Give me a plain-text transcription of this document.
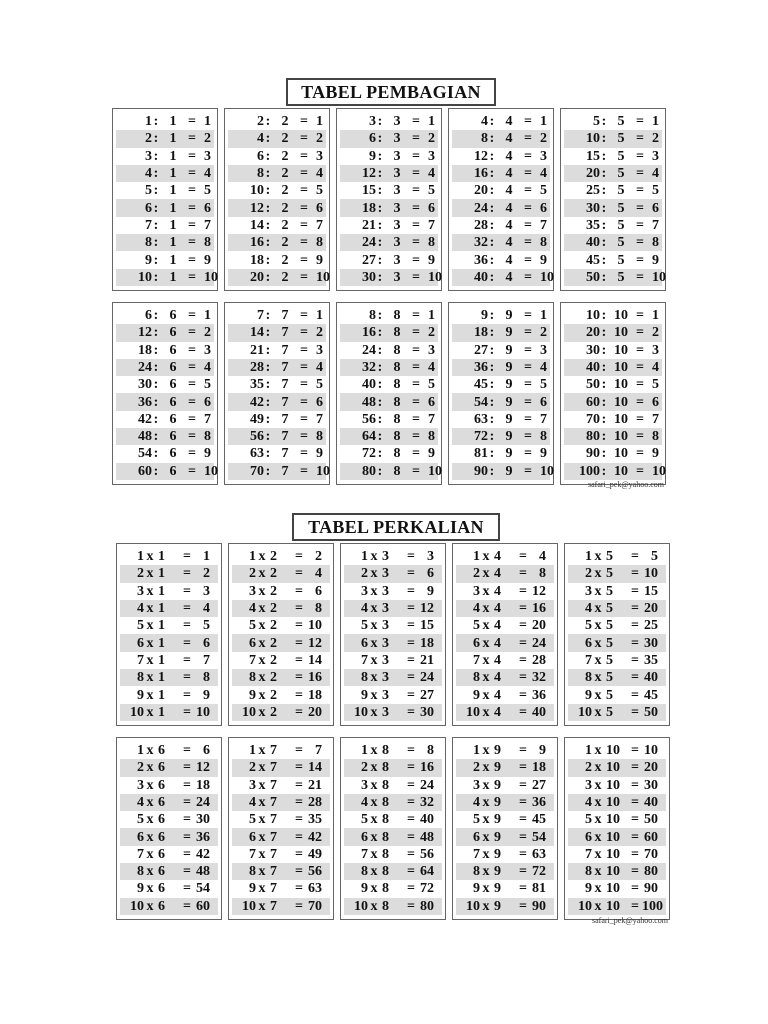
TABEL PEMBAGIAN
1 : 1 = 1
2 : 1 = 2
3 : 1 = 3
4 : 1 = 4
5 : 1 = 5
6 : 1 = 6
7 : 1 = 7
8 : 1 = 8
9 : 1 = 9
10 : 1 = 10
2 : 2 = 1
4 : 2 = 2
6 : 2 = 3
8 : 2 = 4
10 : 2 = 5
12 : 2 = 6
14 : 2 = 7
16 : 2 = 8
18 : 2 = 9
20 : 2 = 10
3 : 3 = 1
6 : 3 = 2
9 : 3 = 3
12 : 3 = 4
15 : 3 = 5
18 : 3 = 6
21 : 3 = 7
24 : 3 = 8
27 : 3 = 9
30 : 3 = 10
4 : 4 = 1
8 : 4 = 2
12 : 4 = 3
16 : 4 = 4
20 : 4 = 5
24 : 4 = 6
28 : 4 = 7
32 : 4 = 8
36 : 4 = 9
40 : 4 = 10
5 : 5 = 1
10 : 5 = 2
15 : 5 = 3
20 : 5 = 4
25 : 5 = 5
30 : 5 = 6
35 : 5 = 7
40 : 5 = 8
45 : 5 = 9
50 : 5 = 10
6 : 6 = 1
12 : 6 = 2
18 : 6 = 3
24 : 6 = 4
30 : 6 = 5
36 : 6 = 6
42 : 6 = 7
48 : 6 = 8
54 : 6 = 9
60 : 6 = 10
7 : 7 = 1
14 : 7 = 2
21 : 7 = 3
28 : 7 = 4
35 : 7 = 5
42 : 7 = 6
49 : 7 = 7
56 : 7 = 8
63 : 7 = 9
70 : 7 = 10
8 : 8 = 1
16 : 8 = 2
24 : 8 = 3
32 : 8 = 4
40 : 8 = 5
48 : 8 = 6
56 : 8 = 7
64 : 8 = 8
72 : 8 = 9
80 : 8 = 10
9 : 9 = 1
18 : 9 = 2
27 : 9 = 3
36 : 9 = 4
45 : 9 = 5
54 : 9 = 6
63 : 9 = 7
72 : 9 = 8
81 : 9 = 9
90 : 9 = 10
10 : 10 = 1
20 : 10 = 2
30 : 10 = 3
40 : 10 = 4
50 : 10 = 5
60 : 10 = 6
70 : 10 = 7
80 : 10 = 8
90 : 10 = 9
100 : 10 = 10
safari_pek@yahoo.com
TABEL PERKALIAN
1 x 1	= 1
2 x 1	= 2
3 x 1	= 3
4 x 1	= 4
5 x 1	= 5
6 x 1	= 6
7 x 1	= 7
8 x 1	= 8
9 x 1	= 9
10 x 1	= 10
1 x 2	= 2
2 x 2	= 4
3 x 2	= 6
4 x 2	= 8
5 x 2	= 10
6 x 2	= 12
7 x 2	= 14
8 x 2	= 16
9 x 2	= 18
10 x 2	= 20
1 x 3	= 3
2 x 3	= 6
3 x 3	= 9
4 x 3	= 12
5 x 3	= 15
6 x 3	= 18
7 x 3	= 21
8 x 3	= 24
9 x 3	= 27
10 x 3	= 30
1 x 4	= 4
2 x 4	= 8
3 x 4	= 12
4 x 4	= 16
5 x 4	= 20
6 x 4	= 24
7 x 4	= 28
8 x 4	= 32
9 x 4	= 36
10 x 4	= 40
1 x 5	= 5
2 x 5	= 10
3 x 5	= 15
4 x 5	= 20
5 x 5	= 25
6 x 5	= 30
7 x 5	= 35
8 x 5	= 40
9 x 5	= 45
10 x 5	= 50
1 x 6	= 6
2 x 6	= 12
3 x 6	= 18
4 x 6	= 24
5 x 6	= 30
6 x 6	= 36
7 x 6	= 42
8 x 6	= 48
9 x 6	= 54
10 x 6	= 60
1 x 7	= 7
2 x 7	= 14
3 x 7	= 21
4 x 7	= 28
5 x 7	= 35
6 x 7	= 42
7 x 7	= 49
8 x 7	= 56
9 x 7	= 63
10 x 7	= 70
1 x 8	= 8
2 x 8	= 16
3 x 8	= 24
4 x 8	= 32
5 x 8	= 40
6 x 8	= 48
7 x 8	= 56
8 x 8	= 64
9 x 8	= 72
10 x 8	= 80
1 x 9	= 9
2 x 9	= 18
3 x 9	= 27
4 x 9	= 36
5 x 9	= 45
6 x 9	= 54
7 x 9	= 63
8 x 9	= 72
9 x 9	= 81
10 x 9	= 90
1 x 10 = 10
2 x 10 = 20
3 x 10 = 30
4 x 10 = 40
5 x 10 = 50
6 x 10 = 60
7 x 10 = 70
8 x 10 = 80
9 x 10 = 90
10 x 10 = 100
safari_pek@yahoo.com
